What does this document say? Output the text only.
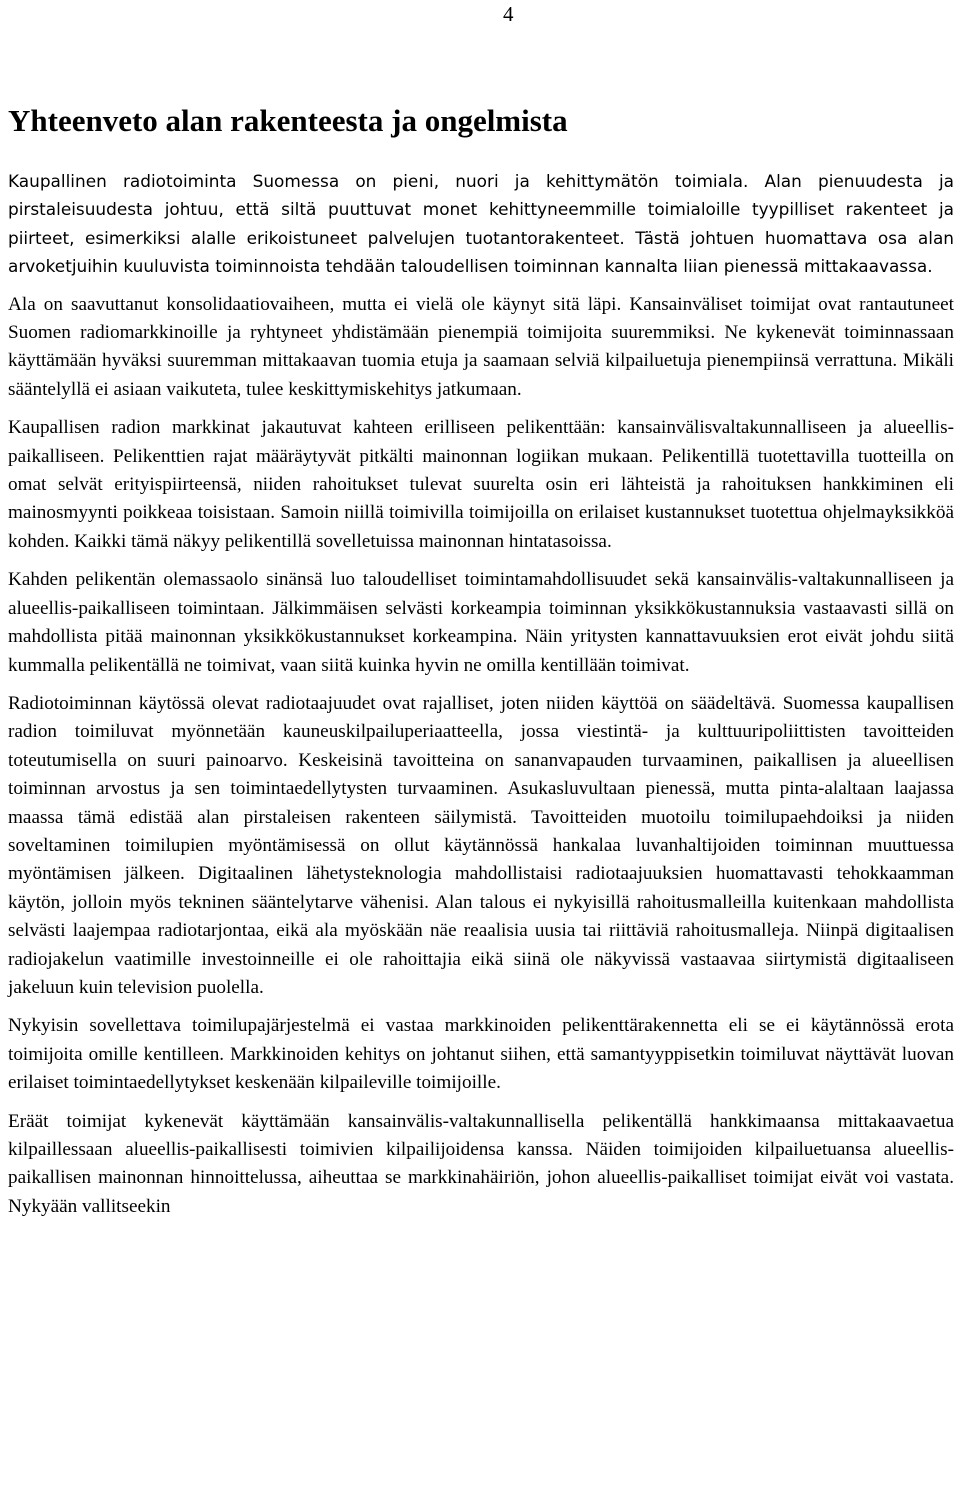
4
Yhteenveto alan rakenteesta ja ongelmista

Kaupallinen radiotoiminta Suomessa on pieni, nuori ja kehittymätön toimiala. Alan pienuudesta ja pirstaleisuudesta johtuu, että siltä puuttuvat monet kehittyneemmille toimialoille tyypilliset rakenteet ja piirteet, esimerkiksi alalle erikoistuneet palvelujen tuotantorakenteet. Tästä johtuen huomattava osa alan arvoketjuihin kuuluvista toiminnoista tehdään taloudellisen toiminnan kannalta liian pienessä mittakaavassa.

Ala on saavuttanut konsolidaatiovaiheen, mutta ei vielä ole käynyt sitä läpi. Kansainväliset toimijat ovat rantautuneet Suomen radiomarkkinoille ja ryhtyneet yhdistämään pienempiä toimijoita suuremmiksi. Ne kykenevät toiminnassaan käyttämään hyväksi suuremman mittakaavan tuomia etuja ja saamaan selviä kilpailuetuja pienempiinsä verrattuna. Mikäli sääntelyllä ei asiaan vaikuteta, tulee keskittymiskehitys jatkumaan.

Kaupallisen radion markkinat jakautuvat kahteen erilliseen pelikenttään: kansainvälisvaltakunnalliseen ja alueellis-paikalliseen. Pelikenttien rajat määräytyvät pitkälti mainonnan logiikan mukaan. Pelikentillä tuotettavilla tuotteilla on omat selvät erityispiirteensä, niiden rahoitukset tulevat suurelta osin eri lähteistä ja rahoituksen hankkiminen eli mainosmyynti poikkeaa toisistaan. Samoin niillä toimivilla toimijoilla on erilaiset kustannukset tuotettua ohjelmayksikköä kohden. Kaikki tämä näkyy pelikentillä sovelletuissa mainonnan hintatasoissa.

Kahden pelikentän olemassaolo sinänsä luo taloudelliset toimintamahdollisuudet sekä kansainvälis-valtakunnalliseen ja alueellis-paikalliseen toimintaan. Jälkimmäisen selvästi korkeampia toiminnan yksikkökustannuksia vastaavasti sillä on mahdollista pitää mainonnan yksikkökustannukset korkeampina. Näin yritysten kannattavuuksien erot eivät johdu siitä kummalla pelikentällä ne toimivat, vaan siitä kuinka hyvin ne omilla kentillään toimivat.

Radiotoiminnan käytössä olevat radiotaajuudet ovat rajalliset, joten niiden käyttöä on säädeltävä. Suomessa kaupallisen radion toimiluvat myönnetään kauneuskilpailuperiaatteella, jossa viestintä- ja kulttuuripoliittisten tavoitteiden toteutumisella on suuri painoarvo. Keskeisinä tavoitteina on sananvapauden turvaaminen, paikallisen ja alueellisen toiminnan arvostus ja sen toimintaedellytysten turvaaminen. Asukasluvultaan pienessä, mutta pinta-alaltaan laajassa maassa tämä edistää alan pirstaleisen rakenteen säilymistä. Tavoitteiden muotoilu toimilupaehdoiksi ja niiden soveltaminen toimilupien myöntämisessä on ollut käytännössä hankalaa luvanhaltijoiden toiminnan muuttuessa myöntämisen jälkeen. Digitaalinen lähetysteknologia mahdollistaisi radiotaajuuksien huomattavasti tehokkaamman käytön, jolloin myös tekninen sääntelytarve vähenisi. Alan talous ei nykyisillä rahoitusmalleilla kuitenkaan mahdollista selvästi laajempaa radiotarjontaa, eikä ala myöskään näe reaalisia uusia tai riittäviä rahoitusmalleja. Niinpä digitaalisen radiojakelun vaatimille investoinneille ei ole rahoittajia eikä siinä ole näkyvissä vastaavaa siirtymistä digitaaliseen jakeluun kuin television puolella.

Nykyisin sovellettava toimilupajärjestelmä ei vastaa markkinoiden pelikenttärakennetta eli se ei käytännössä erota toimijoita omille kentilleen. Markkinoiden kehitys on johtanut siihen, että samantyyppisetkin toimiluvat näyttävät luovan erilaiset toimintaedellytykset keskenään kilpaileville toimijoille.

Eräät toimijat kykenevät käyttämään kansainvälis-valtakunnallisella pelikentällä hankkimaansa mittakaavaetua kilpaillessaan alueellis-paikallisesti toimivien kilpailijoidensa kanssa. Näiden toimijoiden kilpailuetuansa alueellis-paikallisen mainonnan hinnoittelussa, aiheuttaa se markkinahäiriön, johon alueellis-paikalliset toimijat eivät voi vastata. Nykyään vallitseekin
